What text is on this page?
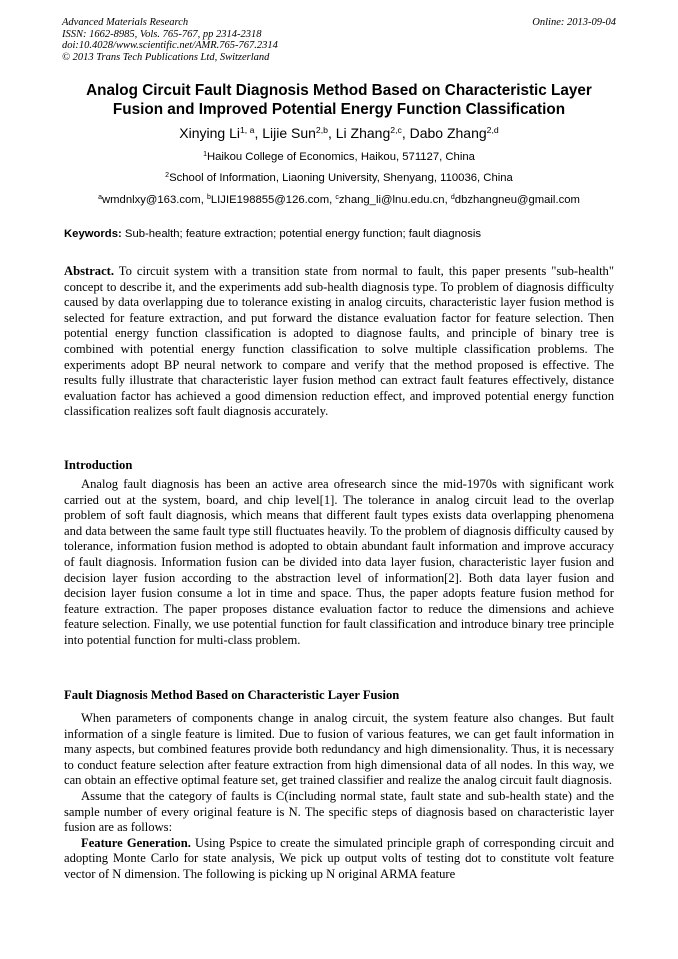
Advanced Materials Research
ISSN: 1662-8985, Vols. 765-767, pp 2314-2318
doi:10.4028/www.scientific.net/AMR.765-767.2314
© 2013 Trans Tech Publications Ltd, Switzerland
Online: 2013-09-04
Analog Circuit Fault Diagnosis Method Based on Characteristic Layer
Fusion and Improved Potential Energy Function Classification
Xinying Li$^{1, a}$, Lijie Sun$^{2,b}$, Li Zhang$^{2,c}$, Dabo Zhang$^{2,d}$
$^1$Haikou College of Economics, Haikou, 571127, China
$^2$School of Information, Liaoning University, Shenyang, 110036, China
$^a$wmdnlxy@163.com, $^b$LIJIE198855@126.com, $^c$zhang_li@lnu.edu.cn, $^d$dbzhangneu@gmail.com
Keywords: Sub-health; feature extraction; potential energy function; fault diagnosis

Abstract. To circuit system with a transition state from normal to fault, this paper presents "sub-health" concept to describe it, and the experiments add sub-health diagnosis type. To problem of diagnosis difficulty caused by data overlapping due to tolerance existing in analog circuits, characteristic layer fusion method is selected for feature extraction, and put forward the distance evaluation factor for feature selection. Then potential energy function classification is adopted to diagnose faults, and principle of binary tree is combined with potential energy function classification to solve multiple classification problems. The experiments adopt BP neural network to compare and verify that the method proposed is effective. The results fully illustrate that characteristic layer fusion method can extract fault features effectively, distance evaluation factor has achieved a good dimension reduction effect, and improved potential energy function classification realizes soft fault diagnosis accurately.

Introduction

Analog fault diagnosis has been an active area ofresearch since the mid-1970s with significant work carried out at the system, board, and chip level[1]. The tolerance in analog circuit lead to the overlap problem of soft fault diagnosis, which means that different fault types exists data overlapping phenomena and data between the same fault type still fluctuates heavily. To the problem of diagnosis difficulty caused by tolerance, information fusion method is adopted to obtain abundant fault information and improve accuracy of fault diagnosis. Information fusion can be divided into data layer fusion, characteristic layer fusion and decision layer fusion according to the abstraction level of information[2]. Both data layer fusion and decision layer fusion consume a lot in time and space. Thus, the paper adopts feature fusion method for feature extraction. The paper proposes distance evaluation factor to reduce the dimensions and achieve feature selection. Finally, we use potential function for fault classification and introduce binary tree principle into potential function for multi-class problem.

Fault Diagnosis Method Based on Characteristic Layer Fusion

When parameters of components change in analog circuit, the system feature also changes. But fault information of a single feature is limited. Due to fusion of various features, we can get fault information in many aspects, but combined features provide both redundancy and high dimensionality. Thus, it is necessary to conduct feature selection after feature extraction from high dimensional data of all nodes. In this way, we can obtain an effective optimal feature set, get trained classifier and realize the analog circuit fault diagnosis.

Assume that the category of faults is C(including normal state, fault state and sub-health state) and the sample number of every original feature is N. The specific steps of diagnosis based on characteristic layer fusion are as follows:

Feature Generation. Using Pspice to create the simulated principle graph of corresponding circuit and adopting Monte Carlo for state analysis, We pick up output volts of testing dot to constitute volt feature vector of N dimension. The following is picking up N original ARMA feature
